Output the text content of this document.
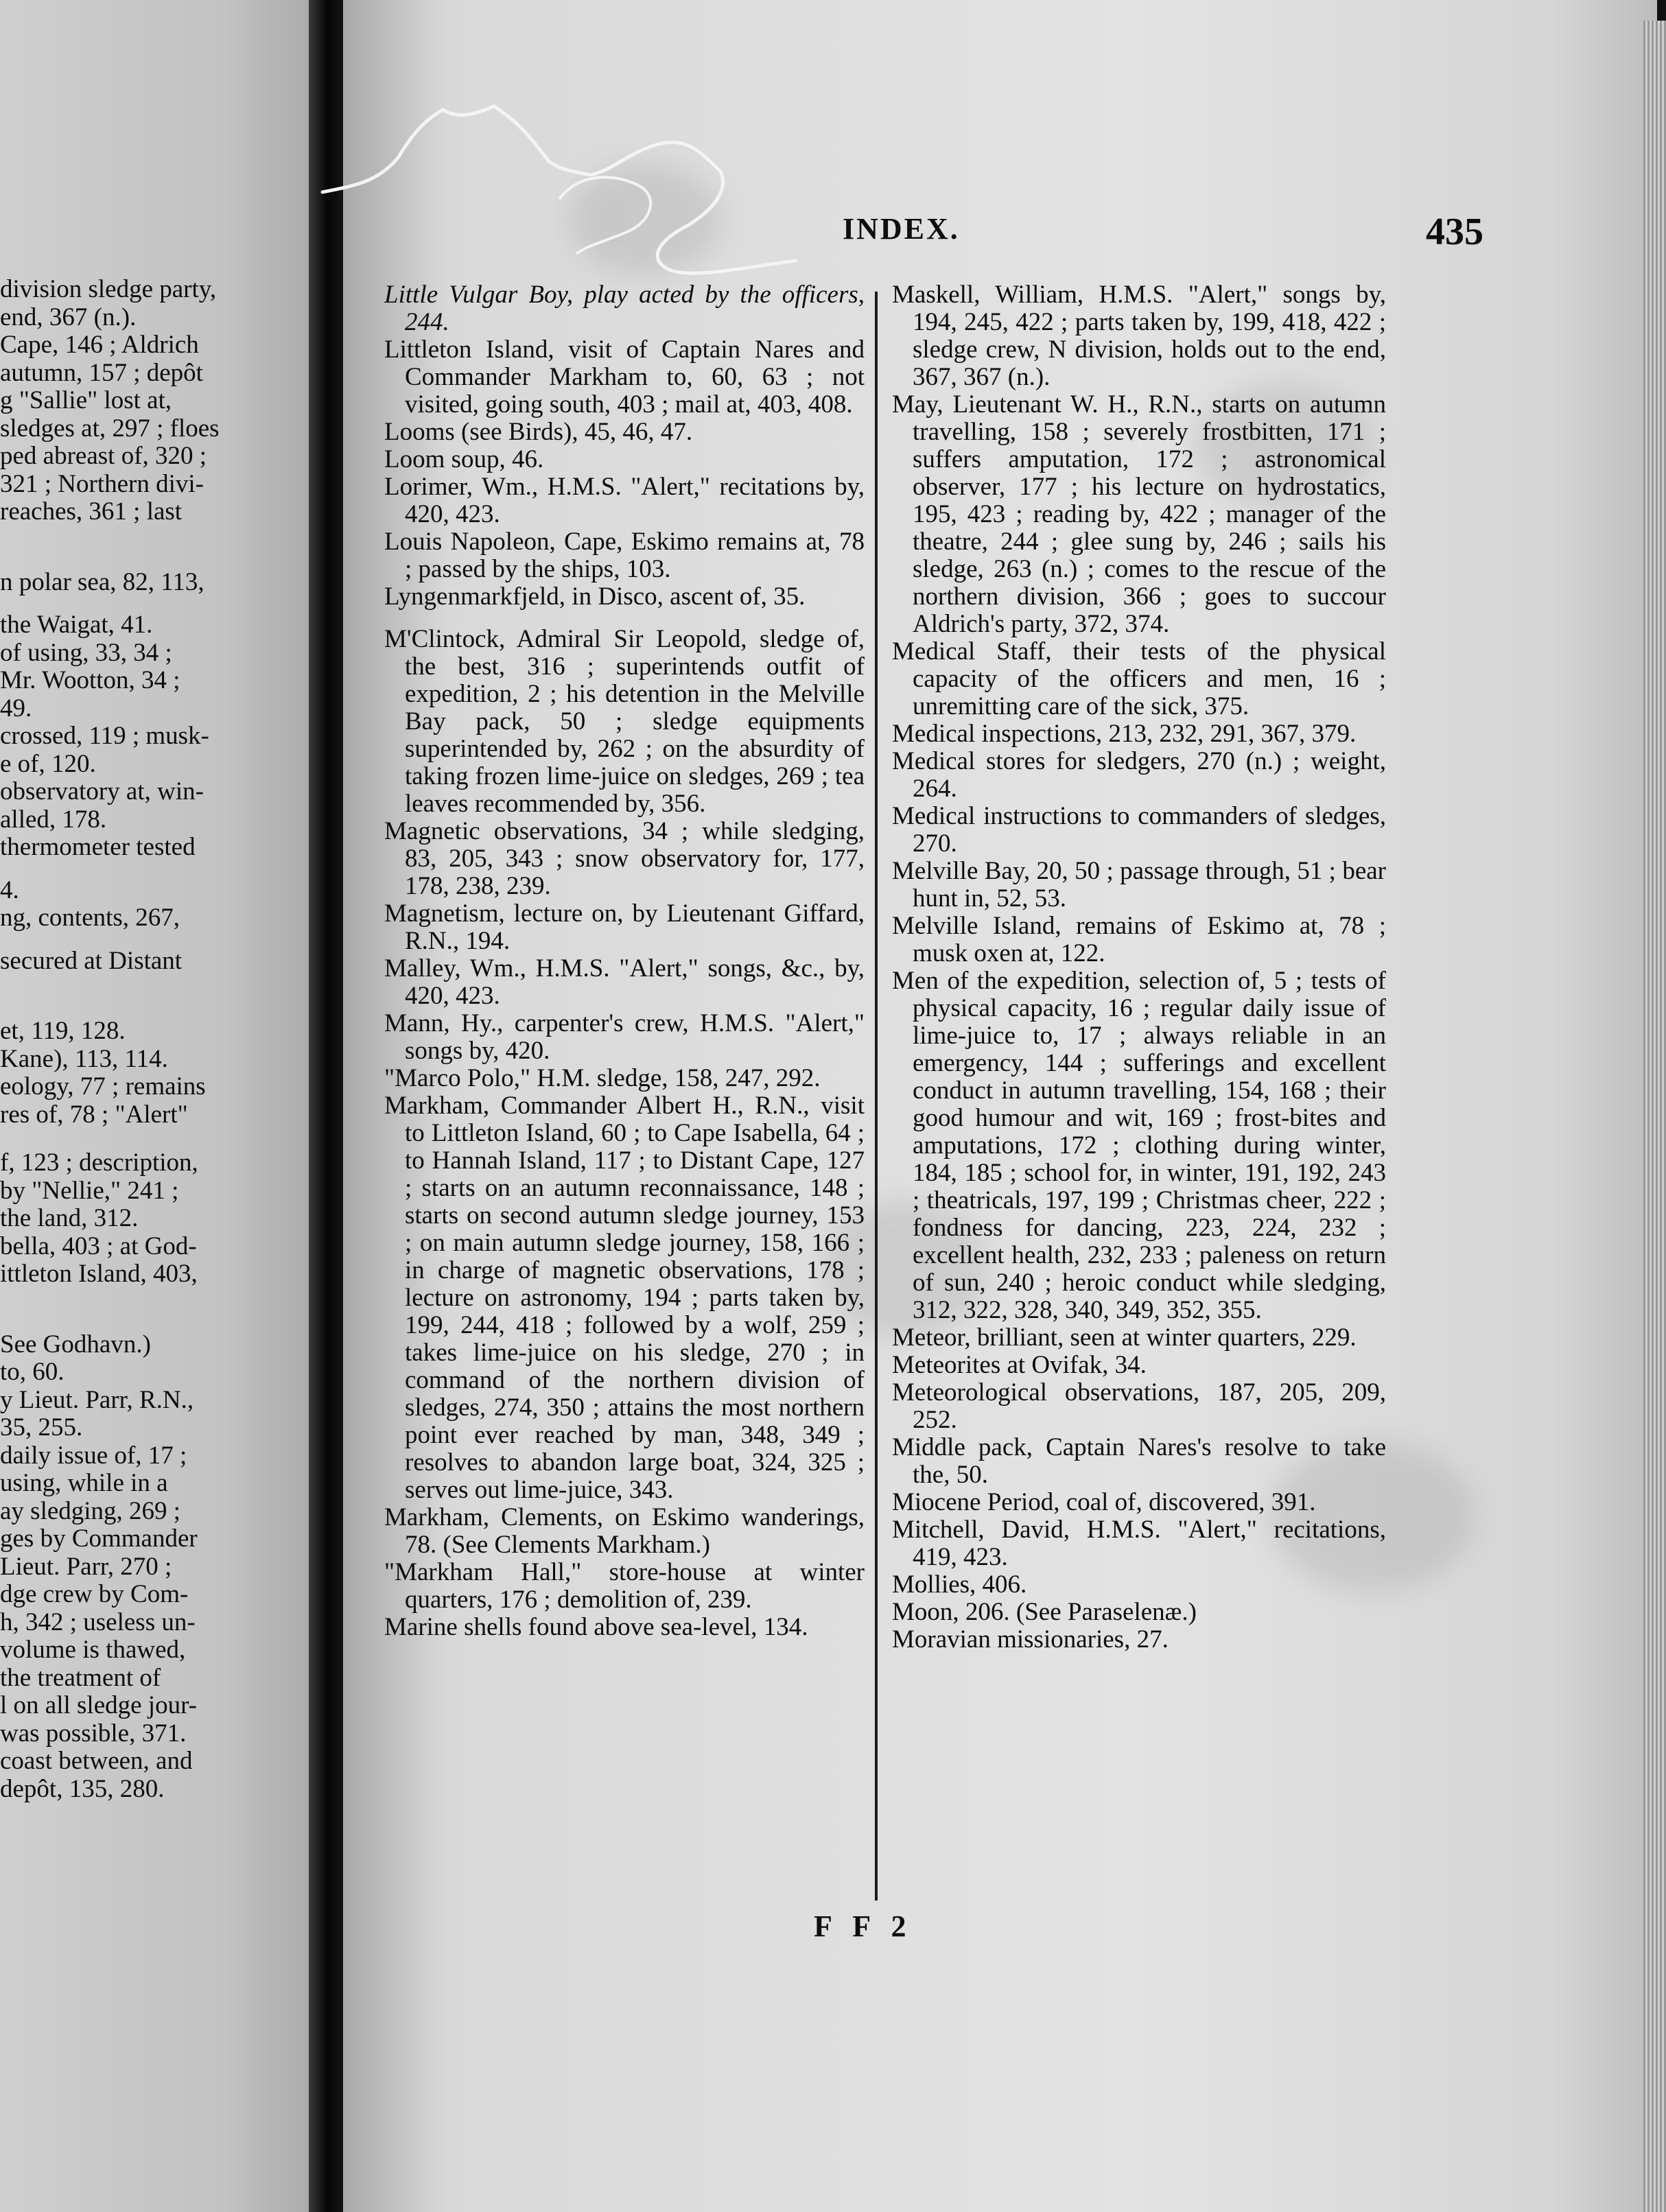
INDEX.	435

division sledge party,

end, 367 (n.).

Cape, 146 ; Aldrich

autumn, 157 ; depôt

g "Sallie" lost at,

sledges at, 297 ; floes

ped abreast of, 320 ;

321 ; Northern divi-

reaches, 361 ; last

n polar sea, 82, 113,

the Waigat, 41.

of using, 33, 34 ;

Mr. Wootton, 34 ;

49.

crossed, 119 ; musk-

e of, 120.

observatory at, win-

alled, 178.

thermometer tested

4.

ng, contents, 267,

secured at Distant

et, 119, 128.

Kane), 113, 114.

eology, 77 ; remains

res of, 78 ; "Alert"

f, 123 ; description,

by "Nellie," 241 ;

the land, 312.

bella, 403 ; at God-

ittleton Island, 403,

See Godhavn.)

to, 60.

y Lieut. Parr, R.N.,

35, 255.

daily issue of, 17 ;

using, while in a

ay sledging, 269 ;

ges by Commander

Lieut. Parr, 270 ;

dge crew by Com-

h, 342 ; useless un-

volume is thawed,

the treatment of

l on all sledge jour-

was possible, 371.

coast between, and

depôt, 135, 280.

Little Vulgar Boy, play acted by the officers, 244.

Littleton Island, visit of Captain Nares and Commander Markham to, 60, 63 ; not visited, going south, 403 ; mail at, 403, 408.

Looms (see Birds), 45, 46, 47.

Loom soup, 46.

Lorimer, Wm., H.M.S. "Alert," recitations by, 420, 423.

Louis Napoleon, Cape, Eskimo remains at, 78 ; passed by the ships, 103.

Lyngenmarkfjeld, in Disco, ascent of, 35.

M'Clintock, Admiral Sir Leopold, sledge of, the best, 316 ; superintends outfit of expedition, 2 ; his detention in the Melville Bay pack, 50 ; sledge equipments superintended by, 262 ; on the absurdity of taking frozen lime-juice on sledges, 269 ; tea leaves recommended by, 356.

Magnetic observations, 34 ; while sledging, 83, 205, 343 ; snow observatory for, 177, 178, 238, 239.

Magnetism, lecture on, by Lieutenant Giffard, R.N., 194.

Malley, Wm., H.M.S. "Alert," songs, &c., by, 420, 423.

Mann, Hy., carpenter's crew, H.M.S. "Alert," songs by, 420.

"Marco Polo," H.M. sledge, 158, 247, 292.

Markham, Commander Albert H., R.N., visit to Littleton Island, 60 ; to Cape Isabella, 64 ; to Hannah Island, 117 ; to Distant Cape, 127 ; starts on an autumn reconnaissance, 148 ; starts on second autumn sledge journey, 153 ; on main autumn sledge journey, 158, 166 ; in charge of magnetic observations, 178 ; lecture on astronomy, 194 ; parts taken by, 199, 244, 418 ; followed by a wolf, 259 ; takes lime-juice on his sledge, 270 ; in command of the northern division of sledges, 274, 350 ; attains the most northern point ever reached by man, 348, 349 ; resolves to abandon large boat, 324, 325 ; serves out lime-juice, 343.

Markham, Clements, on Eskimo wanderings, 78. (See Clements Markham.)

"Markham Hall," store-house at winter quarters, 176 ; demolition of, 239.

Marine shells found above sea-level, 134.

Maskell, William, H.M.S. "Alert," songs by, 194, 245, 422 ; parts taken by, 199, 418, 422 ; sledge crew, N division, holds out to the end, 367, 367 (n.).

May, Lieutenant W. H., R.N., starts on autumn travelling, 158 ; severely frostbitten, 171 ; suffers amputation, 172 ; astronomical observer, 177 ; his lecture on hydrostatics, 195, 423 ; reading by, 422 ; manager of the theatre, 244 ; glee sung by, 246 ; sails his sledge, 263 (n.) ; comes to the rescue of the northern division, 366 ; goes to succour Aldrich's party, 372, 374.

Medical Staff, their tests of the physical capacity of the officers and men, 16 ; unremitting care of the sick, 375.

Medical inspections, 213, 232, 291, 367, 379.

Medical stores for sledgers, 270 (n.) ; weight, 264.

Medical instructions to commanders of sledges, 270.

Melville Bay, 20, 50 ; passage through, 51 ; bear hunt in, 52, 53.

Melville Island, remains of Eskimo at, 78 ; musk oxen at, 122.

Men of the expedition, selection of, 5 ; tests of physical capacity, 16 ; regular daily issue of lime-juice to, 17 ; always reliable in an emergency, 144 ; sufferings and excellent conduct in autumn travelling, 154, 168 ; their good humour and wit, 169 ; frost-bites and amputations, 172 ; clothing during winter, 184, 185 ; school for, in winter, 191, 192, 243 ; theatricals, 197, 199 ; Christmas cheer, 222 ; fondness for dancing, 223, 224, 232 ; excellent health, 232, 233 ; paleness on return of sun, 240 ; heroic conduct while sledging, 312, 322, 328, 340, 349, 352, 355.

Meteor, brilliant, seen at winter quarters, 229.

Meteorites at Ovifak, 34.

Meteorological observations, 187, 205, 209, 252.

Middle pack, Captain Nares's resolve to take the, 50.

Miocene Period, coal of, discovered, 391.

Mitchell, David, H.M.S. "Alert," recitations, 419, 423.

Mollies, 406.

Moon, 206. (See Paraselenæ.)

Moravian missionaries, 27.

F F 2
